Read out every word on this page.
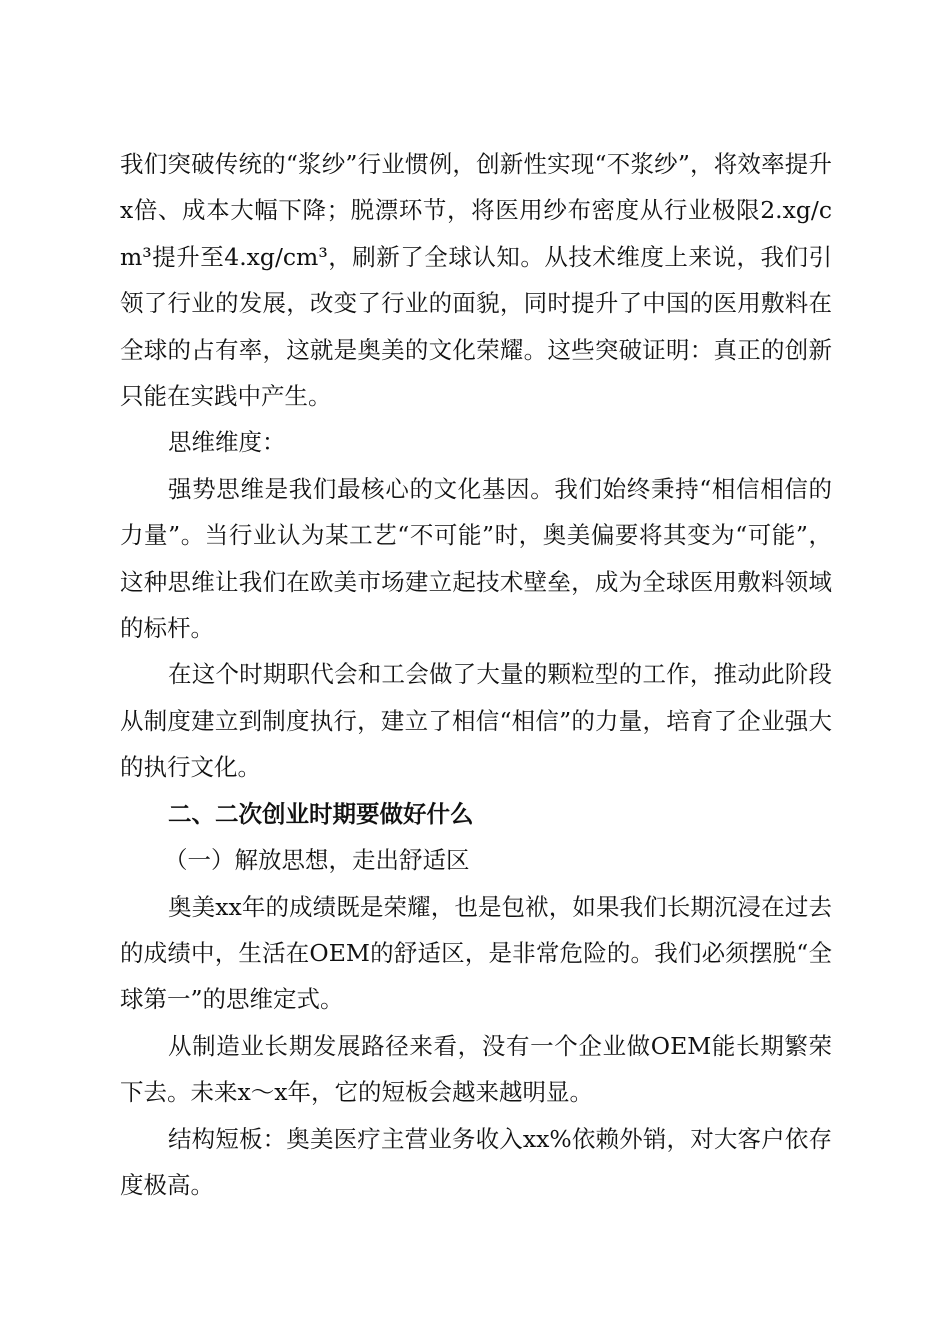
我们突破传统的“浆纱”行业惯例，创新性实现“不浆纱”，将效率提升x倍、成本大幅下降；脱漂环节，将医用纱布密度从行业极限2.xg/cm³提升至4.xg/cm³，刷新了全球认知。从技术维度上来说，我们引领了行业的发展，改变了行业的面貌，同时提升了中国的医用敷料在全球的占有率，这就是奥美的文化荣耀。这些突破证明：真正的创新只能在实践中产生。

思维维度：

强势思维是我们最核心的文化基因。我们始终秉持“相信相信的力量”。当行业认为某工艺“不可能”时，奥美偏要将其变为“可能”，这种思维让我们在欧美市场建立起技术壁垒，成为全球医用敷料领域的标杆。

在这个时期职代会和工会做了大量的颗粒型的工作，推动此阶段从制度建立到制度执行，建立了相信“相信”的力量，培育了企业强大的执行文化。

二、二次创业时期要做好什么

（一）解放思想，走出舒适区

奥美xx年的成绩既是荣耀，也是包袱，如果我们长期沉浸在过去的成绩中，生活在OEM的舒适区，是非常危险的。我们必须摆脱“全球第一”的思维定式。

从制造业长期发展路径来看，没有一个企业做OEM能长期繁荣下去。未来x～x年，它的短板会越来越明显。

结构短板：奥美医疗主营业务收入xx%依赖外销，对大客户依存度极高。
